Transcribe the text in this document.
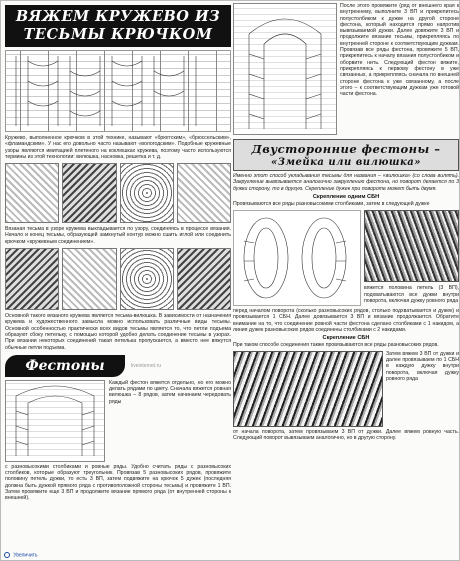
ВЯЖЕМ КРУЖЕВО ИЗ
ТЕСЬМЫ КРЮЧКОМ

Кружево, выполненное крючком в этой технике, называют «брюггским», «брюссельским», «фламандским». У нас его довольно часто называют «вологодским». Подобные кружевные узоры являются имитацией плетеного на коклюшках кружева, поэтому часто используются термины из этой технологии: вилюшка, насновка, решетка и т. д.

Вязаная тесьма в узоре кружева выкладывается по узору, соединяясь в процессе вязания. Начало и конец тесьмы, образующей замкнутый контур можно сшить иглой или соединить крючком «кружевным соединением».

Основной такого вязаного кружева является тесьма-вилюшка. В зависимости от назначения кружева и художественного замысла можно использовать различные виды тесьмы. Основной особенностью практически всех видов тесьмы является то, что петли подъема образуют сбоку петельку, с помощью которой удобно делать соединение тесьмы в узорах. При вязании некоторых соединений такая петелька пропускается, а вместо нее вяжутся обычные петли подъема.

Фестоны	liveinternet.ru

Каждый фестон вяжется отдельно, но его можно делать рядами по цвету. Сначала вяжется ровная вилюшка – 8 рядов, затем начинаем чередовать ряды

с разновысокими столбиками и ровные ряды. Удобно считать ряды с разновысоких столбиков, которые образуют треугольник. Провязав 5 разновысоких рядов, провяжите половину петель дужки, то есть 3 ВП, затем подвяжите на крючок 5 дужек (последняя должна быть дужкой прямого ряда с противоположной стороны тесьмы) и провяжите 1 ВП. Затем провяжите еще 3 ВП и продолжите вязание прямого ряда (от внутренней стороны к внешней).

После этого провяжите (ряд от внешнего края к внутреннему, выполните 3 ВП и прикрепитесь полустолбиком к дужке на другой стороне фестона, который находится прямо напротив вывязываемой дужки. Далее довяжите 3 ВП и продолжите вязание тесьмы, прикрепляясь по внутренней стороне к соответствующим дужкам. Провязав все ряды фестона, провяжите 5 ВП, прикрепитесь к началу вязания полустолбиком и оборвите нить. Следующий фестон вяжите, прикрепляясь к первому фестону в уже связанных, а прикрепляясь сначала по внешней стороне фестона к уже связанному, а после этого – к соответствующим дужкам уже готовой части фестона.

Двусторонние фестоны –
«Змейка или вилюшка»

Именно этот способ укладывания тесьмы для названия – «вилюшка» (со слова вилять). Закругление вывязывается аналогично закруглению фестона, но поворот делается по 3 дужки сторону, то в другую. Скрепление дужек при повороте может быть двумя.

Скрепление одним СБН

Провязываются все ряды разновысокими столбиками, затем в следующей дужке

вяжется половина петель (3 ВП), подхватываются все дужки внутри поворота, включая дужку ровного ряда

перед началом поворота (сколько разновысоких рядов, столько подхватывается и дужек) и провязывается 1 СБН. Далее довязывается 3 ВП и вязание продолжается. Обратите внимание на то, что соединение ровной части фестона сделано столбиками с 1 накидом, а линия дужек разновысоких рядов соединены столбиками с 2 накидами.

Скрепление СБН

При таком способе соединения также провязываются все ряды разновысоких рядов.

Затем вяжем 3 ВП от дужки и далее провязываем по 1 СБН в каждую дужку внутри поворота, включая дужку ровного ряда

от начала поворота, затем провязываем 3 ВП от дужки. Далее вяжем ровную часть. Следующий поворот вывязываем аналогично, но в другую сторону.

Увеличить
